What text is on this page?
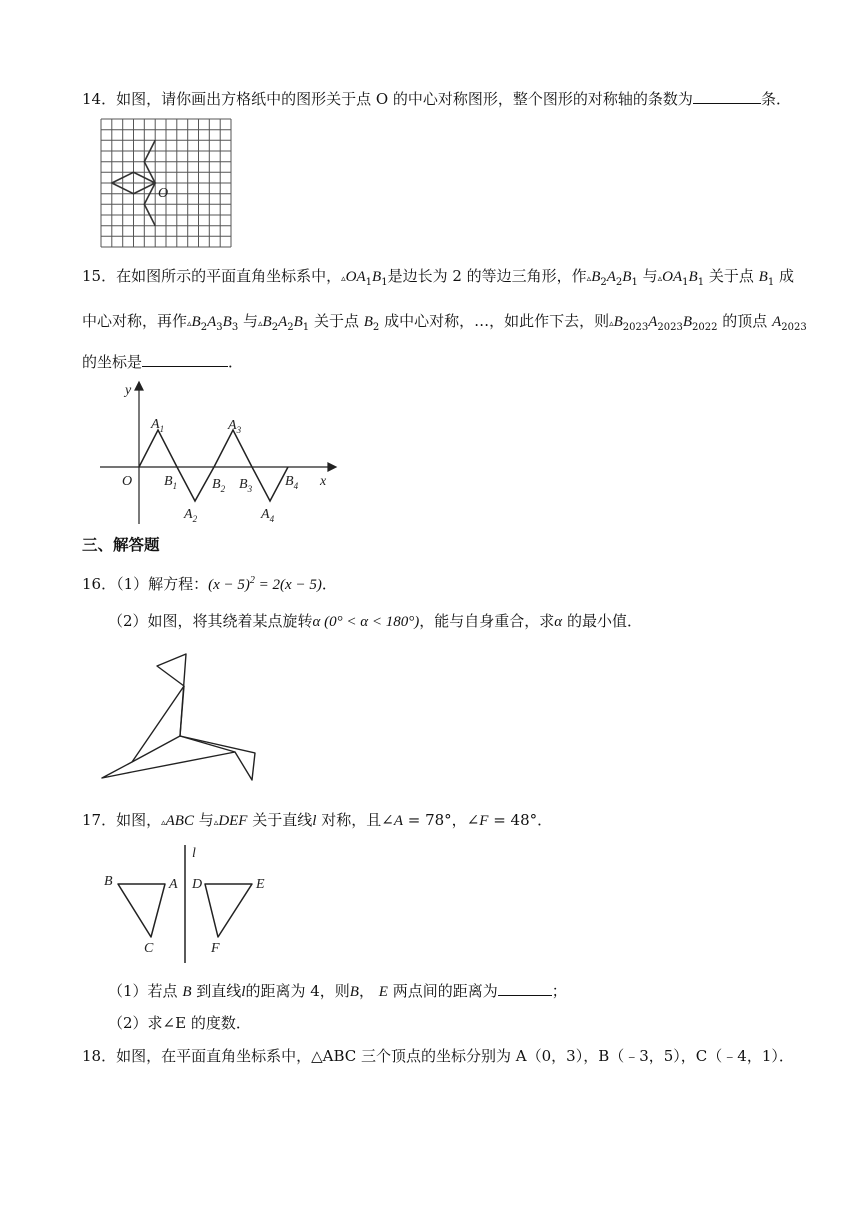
14．如图，请你画出方格纸中的图形关于点 O 的中心对称图形，整个图形的对称轴的条数为	条．
O
15．在如图所示的平面直角坐标系中，$▵OA_1B_1$是边长为 2 的等边三角形，作$▵B_2A_2B_1$ 与$▵OA_1B_1$ 关于点 $B_1$ 成
中心对称，再作$▵B_2A_3B_3$ 与$▵B_2A_2B_1$ 关于点 $B_2$ 成中心对称，…，如此作下去，则$▵B_{2023}A_{2023}B_{2022}$ 的顶点 $A_{2023}$
的坐标是	．
y
x
O
$A_1$	$A_3$
$B_1$ $B_2$ $B_3$ $B_4$
$A_2$	$A_4$
三、解答题
16．（1）解方程：$(x - 5)^2 = 2(x - 5)$．
（2）如图，将其绕着某点旋转α (0° < α < 180°)，能与自身重合，求α 的最小值．
17．如图，▵ABC 与▵DEF 关于直线l 对称，且∠A = 78°，∠F = 48°．
l
B	A
C
D	E
F
（1）若点 B 到直线l的距离为 4，则B， E 两点间的距离为	；
（2）求∠E 的度数．
18．如图，在平面直角坐标系中，△ABC 三个顶点的坐标分别为 A（0，3），B（﹣3，5），C（﹣4，1）．
